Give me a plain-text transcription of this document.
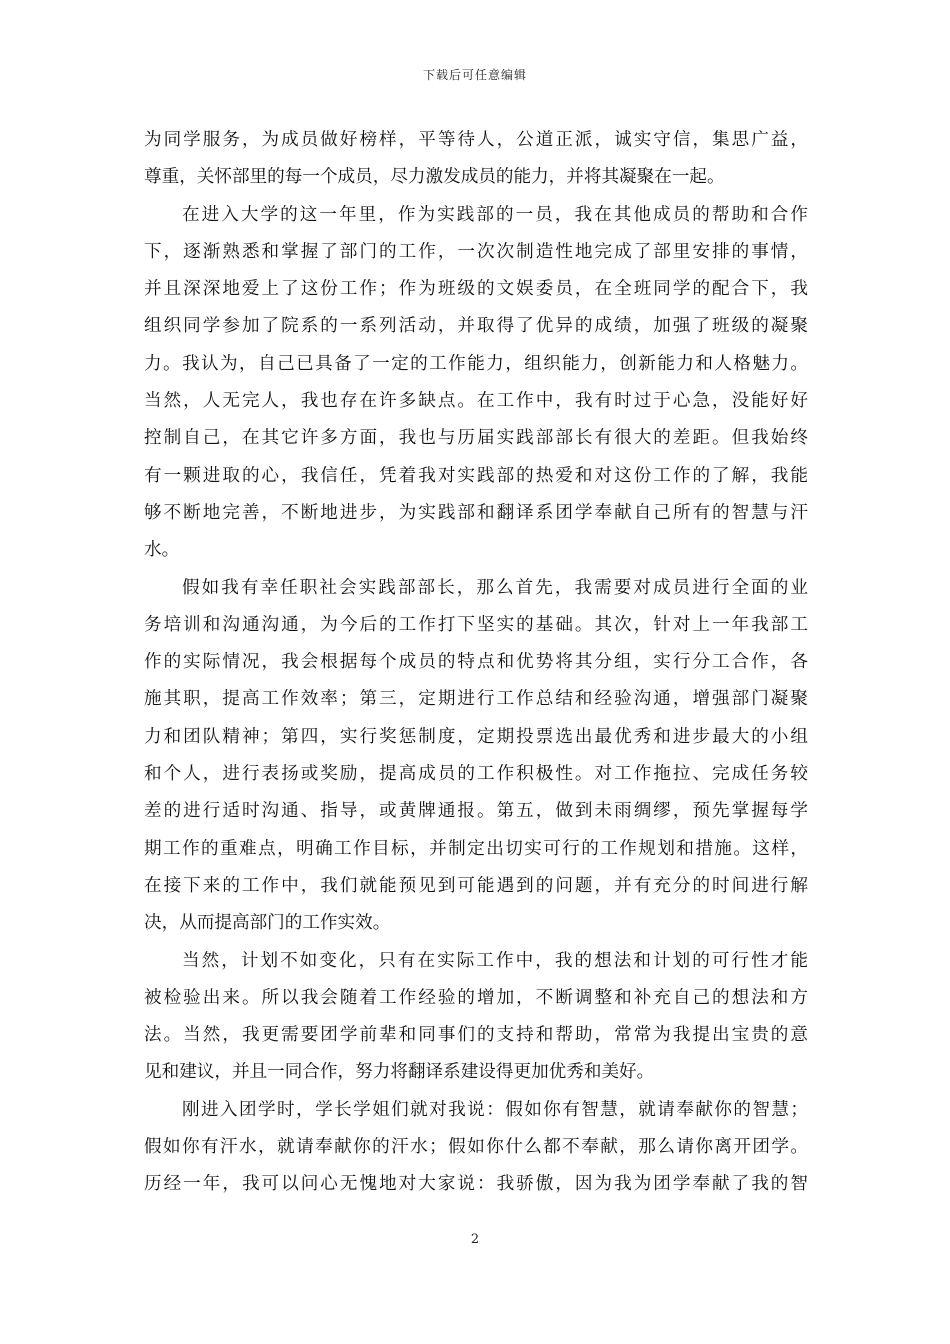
下载后可任意编辑
为同学服务，为成员做好榜样，平等待人，公道正派，诚实守信，集思广益，
尊重，关怀部里的每一个成员，尽力激发成员的能力，并将其凝聚在一起。
在进入大学的这一年里，作为实践部的一员，我在其他成员的帮助和合作
下，逐渐熟悉和掌握了部门的工作，一次次制造性地完成了部里安排的事情，
并且深深地爱上了这份工作；作为班级的文娱委员，在全班同学的配合下，我
组织同学参加了院系的一系列活动，并取得了优异的成绩，加强了班级的凝聚
力。我认为，自己已具备了一定的工作能力，组织能力，创新能力和人格魅力。
当然，人无完人，我也存在许多缺点。在工作中，我有时过于心急，没能好好
控制自己，在其它许多方面，我也与历届实践部部长有很大的差距。但我始终
有一颗进取的心，我信任，凭着我对实践部的热爱和对这份工作的了解，我能
够不断地完善，不断地进步，为实践部和翻译系团学奉献自己所有的智慧与汗
水。
假如我有幸任职社会实践部部长，那么首先，我需要对成员进行全面的业
务培训和沟通沟通，为今后的工作打下坚实的基础。其次，针对上一年我部工
作的实际情况，我会根据每个成员的特点和优势将其分组，实行分工合作，各
施其职，提高工作效率；第三，定期进行工作总结和经验沟通，增强部门凝聚
力和团队精神；第四，实行奖惩制度，定期投票选出最优秀和进步最大的小组
和个人，进行表扬或奖励，提高成员的工作积极性。对工作拖拉、完成任务较
差的进行适时沟通、指导，或黄牌通报。第五，做到未雨绸缪，预先掌握每学
期工作的重难点，明确工作目标，并制定出切实可行的工作规划和措施。这样，
在接下来的工作中，我们就能预见到可能遇到的问题，并有充分的时间进行解
决，从而提高部门的工作实效。
当然，计划不如变化，只有在实际工作中，我的想法和计划的可行性才能
被检验出来。所以我会随着工作经验的增加，不断调整和补充自己的想法和方
法。当然，我更需要团学前辈和同事们的支持和帮助，常常为我提出宝贵的意
见和建议，并且一同合作，努力将翻译系建设得更加优秀和美好。
刚进入团学时，学长学姐们就对我说：假如你有智慧，就请奉献你的智慧；
假如你有汗水，就请奉献你的汗水；假如你什么都不奉献，那么请你离开团学。
历经一年，我可以问心无愧地对大家说：我骄傲，因为我为团学奉献了我的智
2
